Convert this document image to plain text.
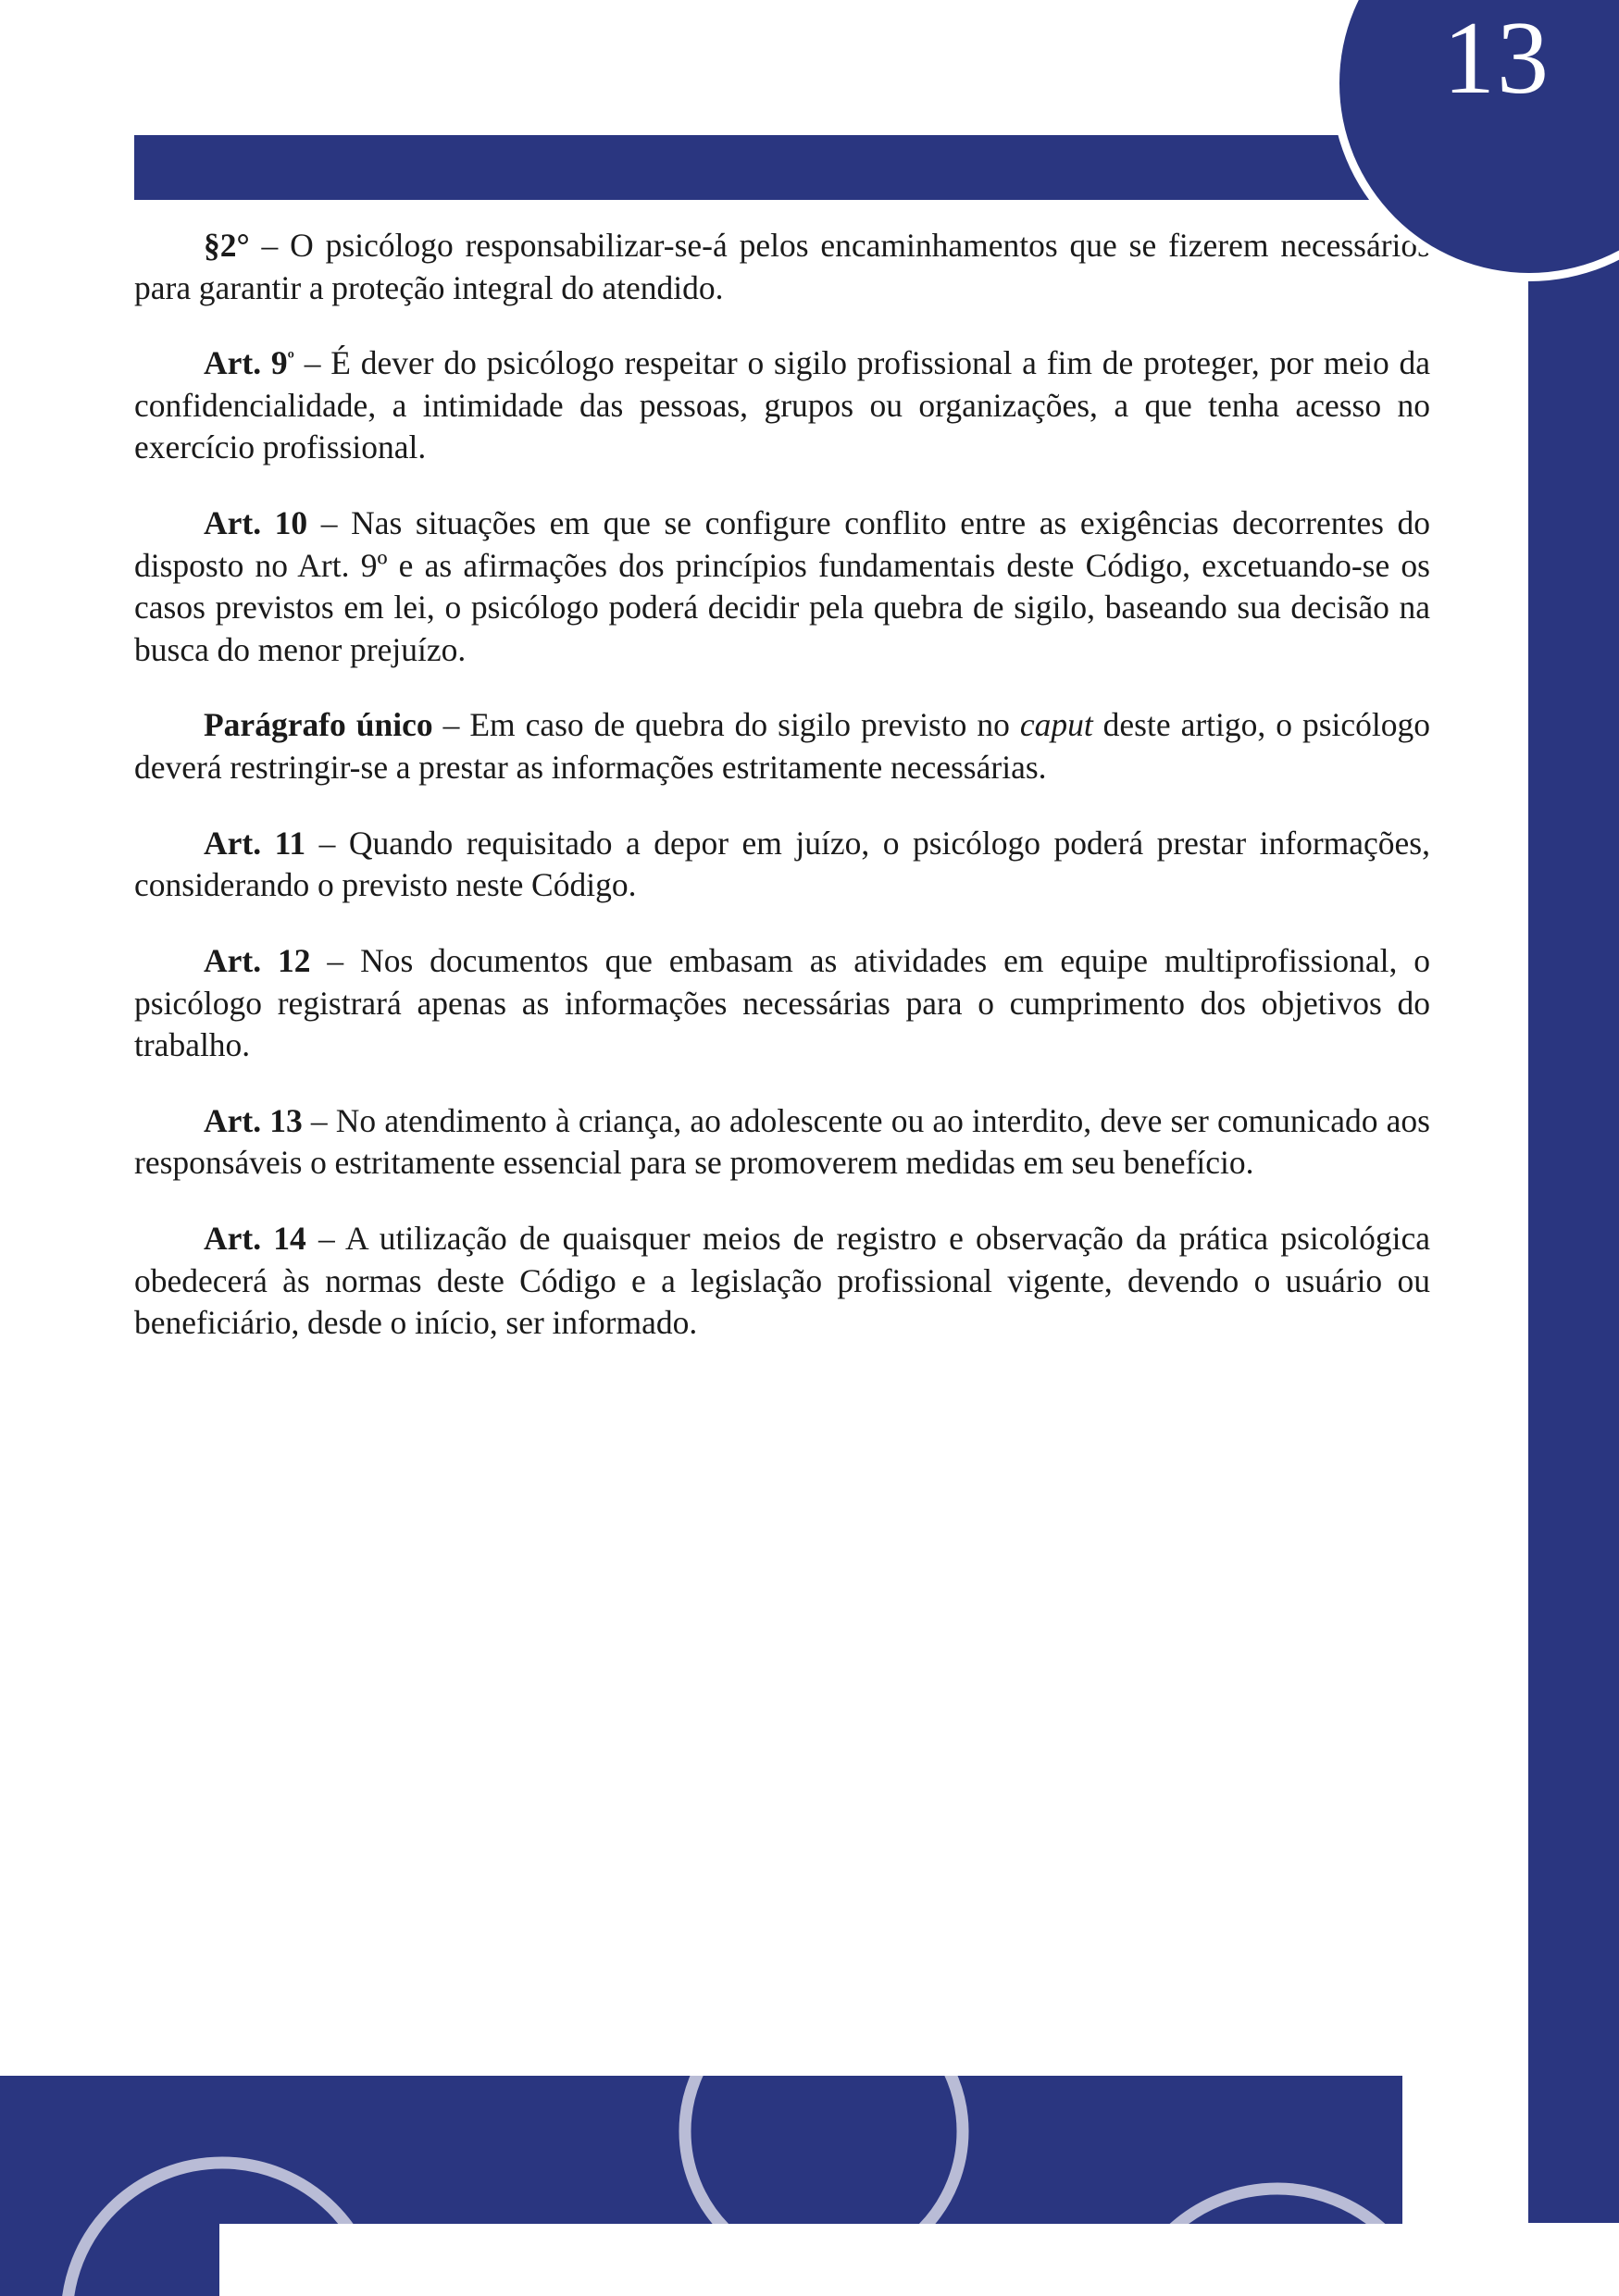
13

§2° – O psicólogo responsabilizar-se-á pelos encaminhamentos que se fizerem necessários para garantir a proteção integral do atendido.

Art. $9^º$ – É dever do psicólogo respeitar o sigilo profissional a fim de proteger, por meio da confidencialidade, a intimidade das pessoas, grupos ou organizações, a que tenha acesso no exercício profissional.

Art. 10 – Nas situações em que se configure conflito entre as exigências decorrentes do disposto no Art. 9º e as afirmações dos princípios fundamentais deste Código, excetuando-se os casos previstos em lei, o psicólogo poderá decidir pela quebra de sigilo, baseando sua decisão na busca do menor prejuízo.

Parágrafo único – Em caso de quebra do sigilo previsto no caput deste artigo, o psicólogo deverá restringir-se a prestar as informações estritamente necessárias.

Art. 11 – Quando requisitado a depor em juízo, o psicólogo poderá prestar informações, considerando o previsto neste Código.

Art. 12 – Nos documentos que embasam as atividades em equipe multiprofissional, o psicólogo registrará apenas as informações necessárias para o cumprimento dos objetivos do trabalho.

Art. 13 – No atendimento à criança, ao adolescente ou ao interdito, deve ser comunicado aos responsáveis o estritamente essencial para se promoverem medidas em seu benefício.

Art. 14 – A utilização de quaisquer meios de registro e observação da prática psicológica obedecerá às normas deste Código e a legislação profissional vigente, devendo o usuário ou beneficiário, desde o início, ser informado.
